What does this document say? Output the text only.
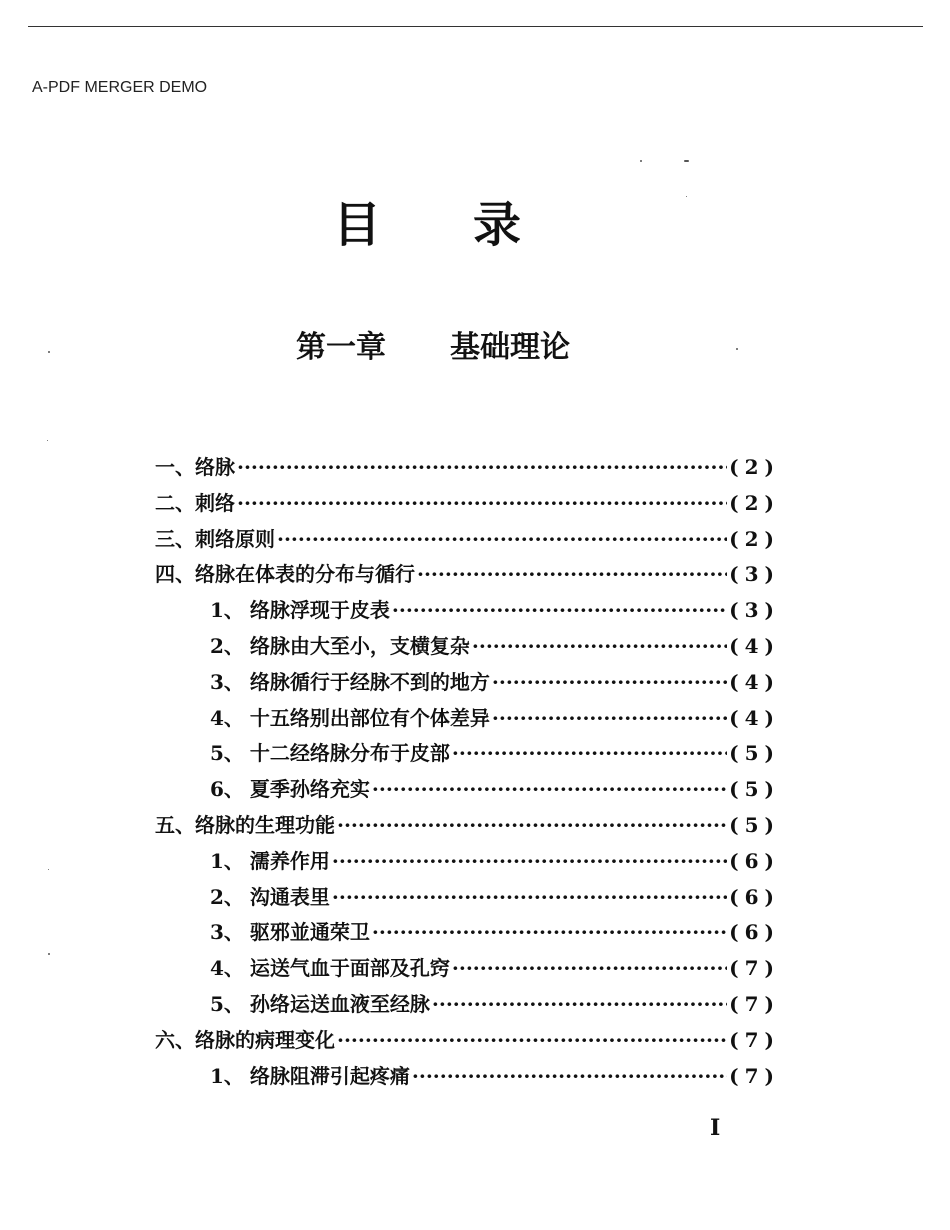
A-PDF MERGER DEMO
目 录
第一章 基础理论
一、 络脉 ·····	(2)
二、 刺络 ·····	(2)
三、 刺络原则 ·····	(2)
四、 络脉在体表的分布与循行 ·····	(3)
1、 络脉浮现于皮表 ·····	(3)
2、 络脉由大至小，支横复杂 ·····	(4)
3、 络脉循行于经脉不到的地方 ·····	(4)
4、 十五络别出部位有个体差异 ·····	(4)
5、 十二经络脉分布于皮部 ·····	(5)
6、 夏季孙络充实 ·····	(5)
五、 络脉的生理功能 ·····	(5)
1、 濡养作用 ·····	(6)
2、 沟通表里 ·····	(6)
3、 驱邪並通荣卫 ·····	(6)
4、 运送气血于面部及孔窍 ·····	(7)
5、 孙络运送血液至经脉 ·····	(7)
六、 络脉的病理变化 ·····	(7)
1、 络脉阻滞引起疼痛 ·····	(7)
I
